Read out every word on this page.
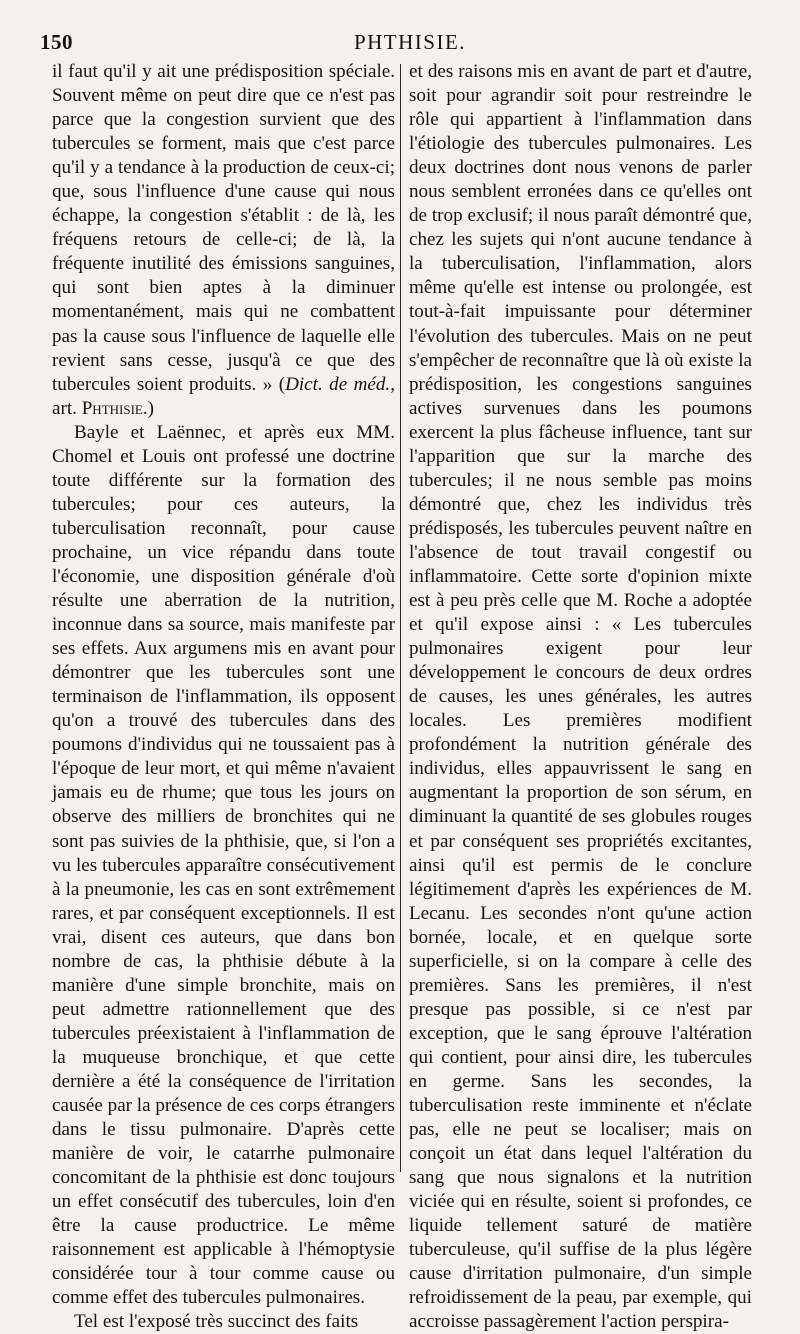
150	PHTHISIE.

il faut qu'il y ait une prédisposition spéciale. Souvent même on peut dire que ce n'est pas parce que la congestion survient que des tubercules se forment, mais que c'est parce qu'il y a tendance à la production de ceux-ci; que, sous l'influence d'une cause qui nous échappe, la congestion s'établit : de là, les fréquens retours de celle-ci; de là, la fréquente inutilité des émissions sanguines, qui sont bien aptes à la diminuer momentanément, mais qui ne combattent pas la cause sous l'influence de laquelle elle revient sans cesse, jusqu'à ce que des tubercules soient produits. » (Dict. de méd., art. Phthisie.)

Bayle et Laënnec, et après eux MM. Chomel et Louis ont professé une doctrine toute différente sur la formation des tubercules; pour ces auteurs, la tuberculisation reconnaît, pour cause prochaine, un vice répandu dans toute l'économie, une disposition générale d'où résulte une aberration de la nutrition, inconnue dans sa source, mais manifeste par ses effets. Aux argumens mis en avant pour démontrer que les tubercules sont une terminaison de l'inflammation, ils opposent qu'on a trouvé des tubercules dans des poumons d'individus qui ne toussaient pas à l'époque de leur mort, et qui même n'avaient jamais eu de rhume; que tous les jours on observe des milliers de bronchites qui ne sont pas suivies de la phthisie, que, si l'on a vu les tubercules apparaître consécutivement à la pneumonie, les cas en sont extrêmement rares, et par conséquent exceptionnels. Il est vrai, disent ces auteurs, que dans bon nombre de cas, la phthisie débute à la manière d'une simple bronchite, mais on peut admettre rationnellement que des tubercules préexistaient à l'inflammation de la muqueuse bronchique, et que cette dernière a été la conséquence de l'irritation causée par la présence de ces corps étrangers dans le tissu pulmonaire. D'après cette manière de voir, le catarrhe pulmonaire concomitant de la phthisie est donc toujours un effet consécutif des tubercules, loin d'en être la cause productrice. Le même raisonnement est applicable à l'hémoptysie considérée tour à tour comme cause ou comme effet des tubercules pulmonaires.

Tel est l'exposé très succinct des faits

et des raisons mis en avant de part et d'autre, soit pour agrandir soit pour restreindre le rôle qui appartient à l'inflammation dans l'étiologie des tubercules pulmonaires. Les deux doctrines dont nous venons de parler nous semblent erronées dans ce qu'elles ont de trop exclusif; il nous paraît démontré que, chez les sujets qui n'ont aucune tendance à la tuberculisation, l'inflammation, alors même qu'elle est intense ou prolongée, est tout-à-fait impuissante pour déterminer l'évolution des tubercules. Mais on ne peut s'empêcher de reconnaître que là où existe la prédisposition, les congestions sanguines actives survenues dans les poumons exercent la plus fâcheuse influence, tant sur l'apparition que sur la marche des tubercules; il ne nous semble pas moins démontré que, chez les individus très prédisposés, les tubercules peuvent naître en l'absence de tout travail congestif ou inflammatoire. Cette sorte d'opinion mixte est à peu près celle que M. Roche a adoptée et qu'il expose ainsi : « Les tubercules pulmonaires exigent pour leur développement le concours de deux ordres de causes, les unes générales, les autres locales. Les premières modifient profondément la nutrition générale des individus, elles appauvrissent le sang en augmentant la proportion de son sérum, en diminuant la quantité de ses globules rouges et par conséquent ses propriétés excitantes, ainsi qu'il est permis de le conclure légitimement d'après les expériences de M. Lecanu. Les secondes n'ont qu'une action bornée, locale, et en quelque sorte superficielle, si on la compare à celle des premières. Sans les premières, il n'est presque pas possible, si ce n'est par exception, que le sang éprouve l'altération qui contient, pour ainsi dire, les tubercules en germe. Sans les secondes, la tuberculisation reste imminente et n'éclate pas, elle ne peut se localiser; mais on conçoit un état dans lequel l'altération du sang que nous signalons et la nutrition viciée qui en résulte, soient si profondes, ce liquide tellement saturé de matière tuberculeuse, qu'il suffise de la plus légère cause d'irritation pulmonaire, d'un simple refroidissement de la peau, par exemple, qui accroisse passagèrement l'action perspira-
